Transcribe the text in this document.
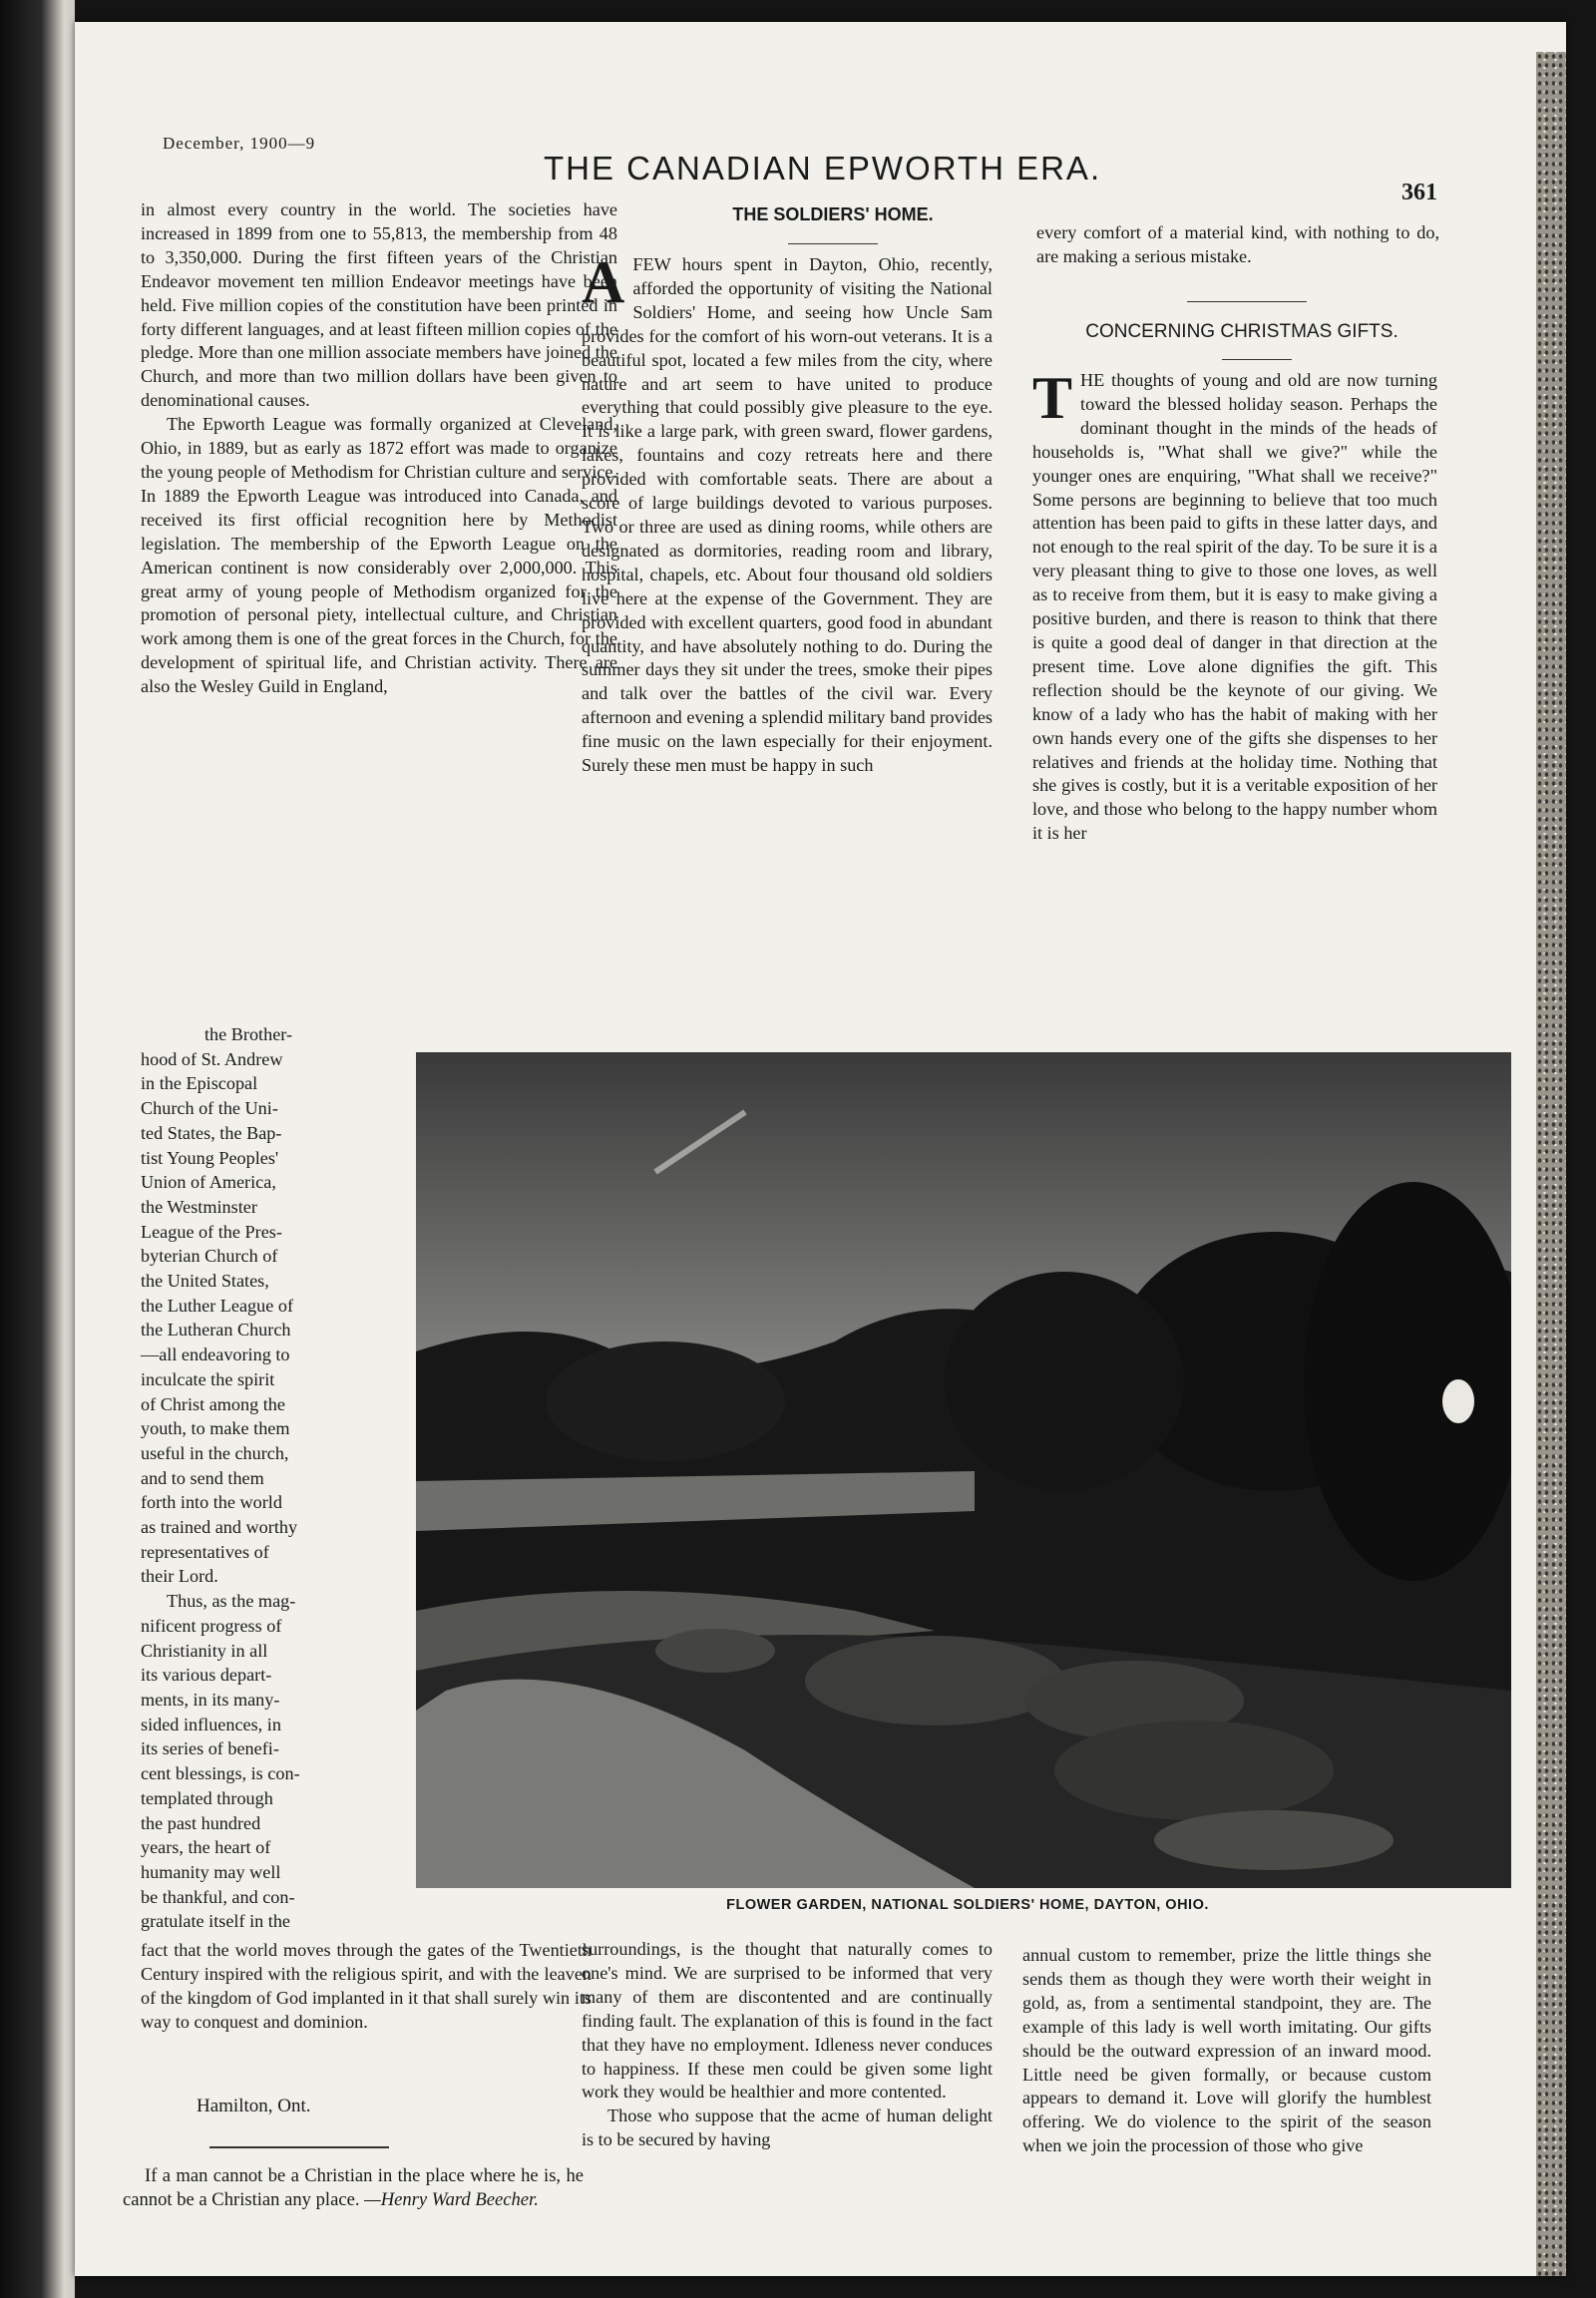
December, 1900—9
THE CANADIAN EPWORTH ERA.
361

in almost every country in the world. The societies have increased in 1899 from one to 55,813, the membership from 48 to 3,350,000. During the first fifteen years of the Christian Endeavor movement ten million Endeavor meetings have been held. Five million copies of the constitution have been printed in forty different languages, and at least fifteen million copies of the pledge. More than one million associate members have joined the Church, and more than two million dollars have been given to denominational causes.

The Epworth League was formally organized at Cleveland, Ohio, in 1889, but as early as 1872 effort was made to organize the young people of Methodism for Christian culture and service. In 1889 the Epworth League was introduced into Canada, and received its first official recognition here by Methodist legislation. The membership of the Epworth League on the American continent is now considerably over 2,000,000. This great army of young people of Methodism organized for the promotion of personal piety, intellectual culture, and Christian work among them is one of the great forces in the Church, for the development of spiritual life, and Christian activity. There are also the Wesley Guild in England,

the Brother-
hood of St. Andrew
in the Episcopal
Church of the Uni-
ted States, the Bap-
tist Young Peoples'
Union of America,
the Westminster
League of the Pres-
byterian Church of
the United States,
the Luther League of
the Lutheran Church
—all endeavoring to
inculcate the spirit
of Christ among the
youth, to make them
useful in the church,
and to send them
forth into the world
as trained and worthy
representatives of
their Lord.
Thus, as the mag-
nificent progress of
Christianity in all
its various depart-
ments, in its many-
sided influences, in
its series of benefi-
cent blessings, is con-
templated through
the past hundred
years, the heart of
humanity may well
be thankful, and con-
gratulate itself in the

fact that the world moves through the gates of the Twentieth Century inspired with the religious spirit, and with the leaven of the kingdom of God implanted in it that shall surely win its way to conquest and dominion.

Hamilton, Ont.

If a man cannot be a Christian in the place where he is, he cannot be a Christian any place. —Henry Ward Beecher.

THE SOLDIERS' HOME.

AFEW hours spent in Dayton, Ohio, recently, afforded the opportunity of visiting the National Soldiers' Home, and seeing how Uncle Sam provides for the comfort of his worn-out veterans. It is a beautiful spot, located a few miles from the city, where nature and art seem to have united to produce everything that could possibly give pleasure to the eye. It is like a large park, with green sward, flower gardens, lakes, fountains and cozy retreats here and there provided with comfortable seats. There are about a score of large buildings devoted to various purposes. Two or three are used as dining rooms, while others are designated as dormitories, reading room and library, hospital, chapels, etc. About four thousand old soldiers live here at the expense of the Government. They are provided with excellent quarters, good food in abundant quantity, and have absolutely nothing to do. During the summer days they sit under the trees, smoke their pipes and talk over the battles of the civil war. Every afternoon and evening a splendid military band provides fine music on the lawn especially for their enjoyment. Surely these men must be happy in such

surroundings, is the thought that naturally comes to one's mind. We are surprised to be informed that very many of them are discontented and are continually finding fault. The explanation of this is found in the fact that they have no employment. Idleness never conduces to happiness. If these men could be given some light work they would be healthier and more contented.

Those who suppose that the acme of human delight is to be secured by having

every comfort of a material kind, with nothing to do, are making a serious mistake.

CONCERNING CHRISTMAS GIFTS.

THE thoughts of young and old are now turning toward the blessed holiday season. Perhaps the dominant thought in the minds of the heads of households is, "What shall we give?" while the younger ones are enquiring, "What shall we receive?" Some persons are beginning to believe that too much attention has been paid to gifts in these latter days, and not enough to the real spirit of the day. To be sure it is a very pleasant thing to give to those one loves, as well as to receive from them, but it is easy to make giving a positive burden, and there is reason to think that there is quite a good deal of danger in that direction at the present time. Love alone dignifies the gift. This reflection should be the keynote of our giving. We know of a lady who has the habit of making with her own hands every one of the gifts she dispenses to her relatives and friends at the holiday time. Nothing that she gives is costly, but it is a veritable exposition of her love, and those who belong to the happy number whom it is her

annual custom to remember, prize the little things she sends them as though they were worth their weight in gold, as, from a sentimental standpoint, they are. The example of this lady is well worth imitating. Our gifts should be the outward expression of an inward mood. Little need be given formally, or because custom appears to demand it. Love will glorify the humblest offering. We do violence to the spirit of the season when we join the procession of those who give

FLOWER GARDEN, NATIONAL SOLDIERS' HOME, DAYTON, OHIO.
